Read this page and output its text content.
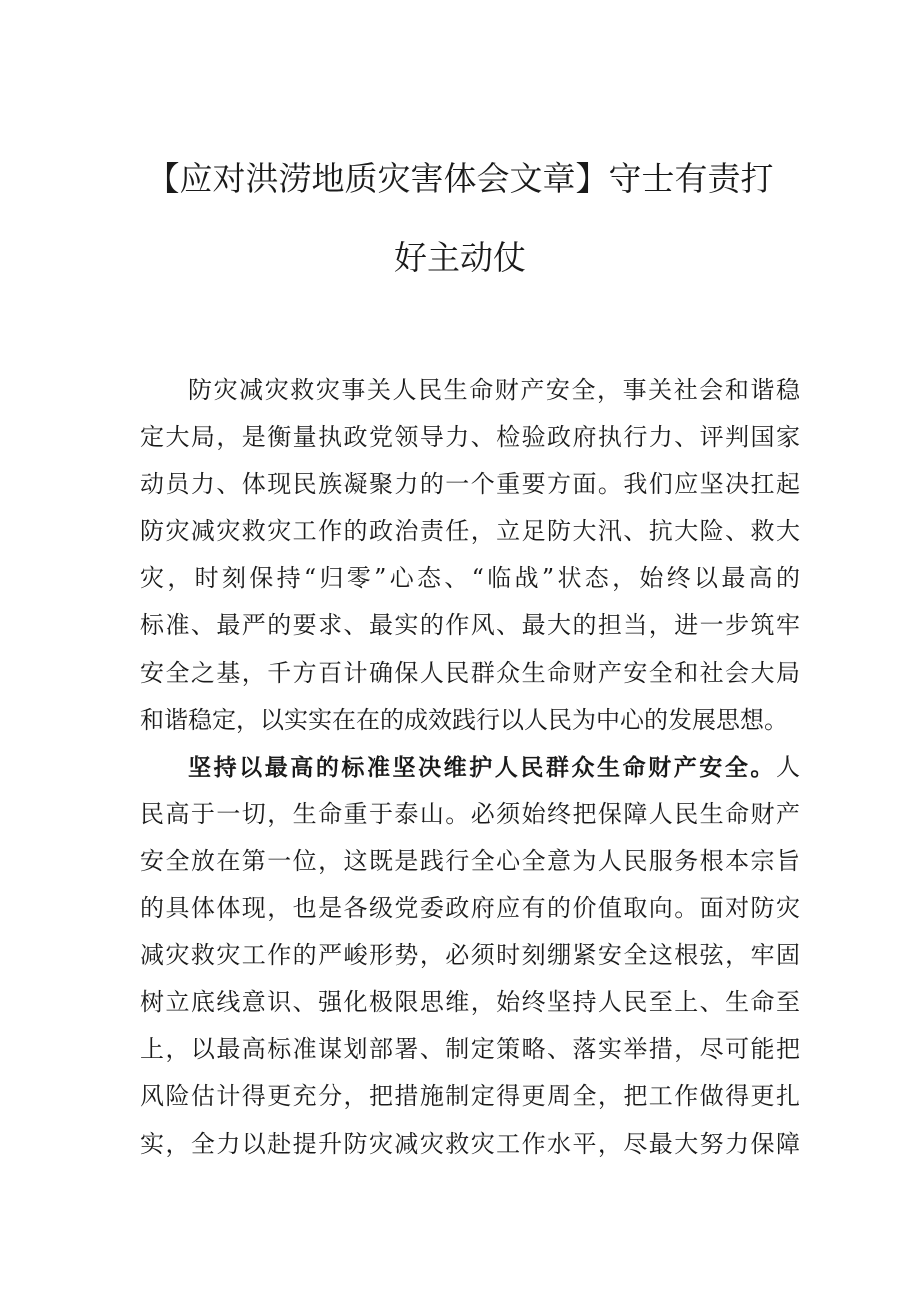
【应对洪涝地质灾害体会文章】守士有责打
好主动仗
防灾减灾救灾事关人民生命财产安全，事关社会和谐稳
定大局，是衡量执政党领导力、检验政府执行力、评判国家
动员力、体现民族凝聚力的一个重要方面。我们应坚决扛起
防灾减灾救灾工作的政治责任，立足防大汛、抗大险、救大
灾，时刻保持“归零”心态、“临战”状态，始终以最高的
标准、最严的要求、最实的作风、最大的担当，进一步筑牢
安全之基，千方百计确保人民群众生命财产安全和社会大局
和谐稳定，以实实在在的成效践行以人民为中心的发展思想。
坚持以最高的标准坚决维护人民群众生命财产安全。人
民高于一切，生命重于泰山。必须始终把保障人民生命财产
安全放在第一位，这既是践行全心全意为人民服务根本宗旨
的具体体现，也是各级党委政府应有的价值取向。面对防灾
减灾救灾工作的严峻形势，必须时刻绷紧安全这根弦，牢固
树立底线意识、强化极限思维，始终坚持人民至上、生命至
上，以最高标准谋划部署、制定策略、落实举措，尽可能把
风险估计得更充分，把措施制定得更周全，把工作做得更扎
实，全力以赴提升防灾减灾救灾工作水平，尽最大努力保障
